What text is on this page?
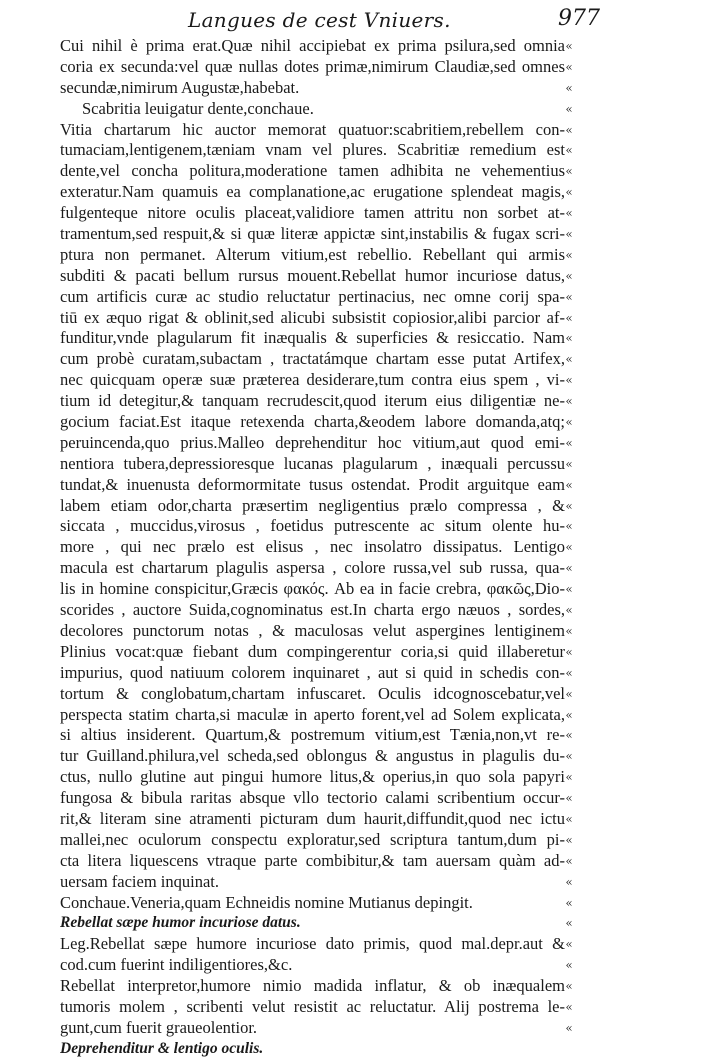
Langues de cest Vniuers.	977
Cui nihil è prima erat.Quæ nihil accipiebat ex prima psilura,sed omnia
coria ex secunda:vel quæ nullas dotes primæ,nimirum Claudiæ,sed omnes
secundæ,nimirum Augustæ,habebat.
Scabritia leuigatur dente,conchaue.
Vitia chartarum hic auctor memorat quatuor:scabritiem,rebellem con-
tumaciam,lentigenem,tæniam vnam vel plures. Scabritiæ remedium est
dente,vel concha politura,moderatione tamen adhibita ne vehementius
exteratur.Nam quamuis ea complanatione,ac erugatione splendeat magis,
fulgenteque nitore oculis placeat,validiore tamen attritu non sorbet at-
tramentum,sed respuit,& si quæ literæ appictæ sint,instabilis & fugax scri-
ptura non permanet. Alterum vitium,est rebellio. Rebellant qui armis
subditi & pacati bellum rursus mouent.Rebellat humor incuriose datus,
cum artificis curæ ac studio reluctatur pertinacius, nec omne corij spa-
tiū ex æquo rigat & oblinit,sed alicubi subsistit copiosior,alibi parcior af-
funditur,vnde plagularum fit inæqualis & superficies & resiccatio. Nam
cum probè curatam,subactam , tractatámque chartam esse putat Artifex,
nec quicquam operæ suæ præterea desiderare,tum contra eius spem , vi-
tium id detegitur,& tanquam recrudescit,quod iterum eius diligentiæ ne-
gocium faciat.Est itaque retexenda charta,&eodem labore domanda,atq;
peruincenda,quo prius.Malleo deprehenditur hoc vitium,aut quod emi-
nentiora tubera,depressioresque lucanas plagularum , inæquali percussu
tundat,& inuenusta deformormitate tusus ostendat. Prodit arguitque eam
labem etiam odor,charta præsertim negligentius prælo compressa , &
siccata , muccidus,virosus , foetidus putrescente ac situm olente hu-
more , qui nec prælo est elisus , nec insolatro dissipatus. Lentigo
macula est chartarum plagulis aspersa , colore russa,vel sub russa, qua-
lis in homine conspicitur,Græcis φακός. Ab ea in facie crebra, φακῶς,Dio-
scorides , auctore Suida,cognominatus est.In charta ergo næuos , sordes,
decolores punctorum notas , & maculosas velut aspergines lentiginem
Plinius vocat:quæ fiebant dum compingerentur coria,si quid illaberetur
impurius, quod natiuum colorem inquinaret , aut si quid in schedis con-
tortum & conglobatum,chartam infuscaret. Oculis idcognoscebatur,vel
perspecta statim charta,si maculæ in aperto forent,vel ad Solem explicata,
si altius insiderent. Quartum,& postremum vitium,est Tænia,non,vt re-
tur Guilland.philura,vel scheda,sed oblongus & angustus in plagulis du-
ctus, nullo glutine aut pingui humore litus,& operius,in quo sola papyri
fungosa & bibula raritas absque vllo tectorio calami scribentium occur-
rit,& literam sine atramenti picturam dum haurit,diffundit,quod nec ictu
mallei,nec oculorum conspectu exploratur,sed scriptura tantum,dum pi-
cta litera liquescens vtraque parte combibitur,& tam auersam quàm ad-
uersam faciem inquinat.
Conchaue.Veneria,quam Echneidis nomine Mutianus depingit.
Rebellat sæpe humor incuriose datus.
Leg.Rebellat sæpe humore incuriose dato primis, quod mal.depr.aut &
cod.cum fuerint indiligentiores,&c.
Rebellat interpretor,humore nimio madida inflatur, & ob inæqualem
tumoris molem , scribenti velut resistit ac reluctatur. Alij postrema le-
gunt,cum fuerit graueolentior.
Deprehenditur & lentigo oculis.
«
«
«
«
«
«
«
«
«
«
«
«
«
«
«
«
«
«
«
«
«
«
«
«
«
«
«
«
«
«
«
«
«
«
«
«
«
«
«
«
«
«
«
«
«
«
«
«
